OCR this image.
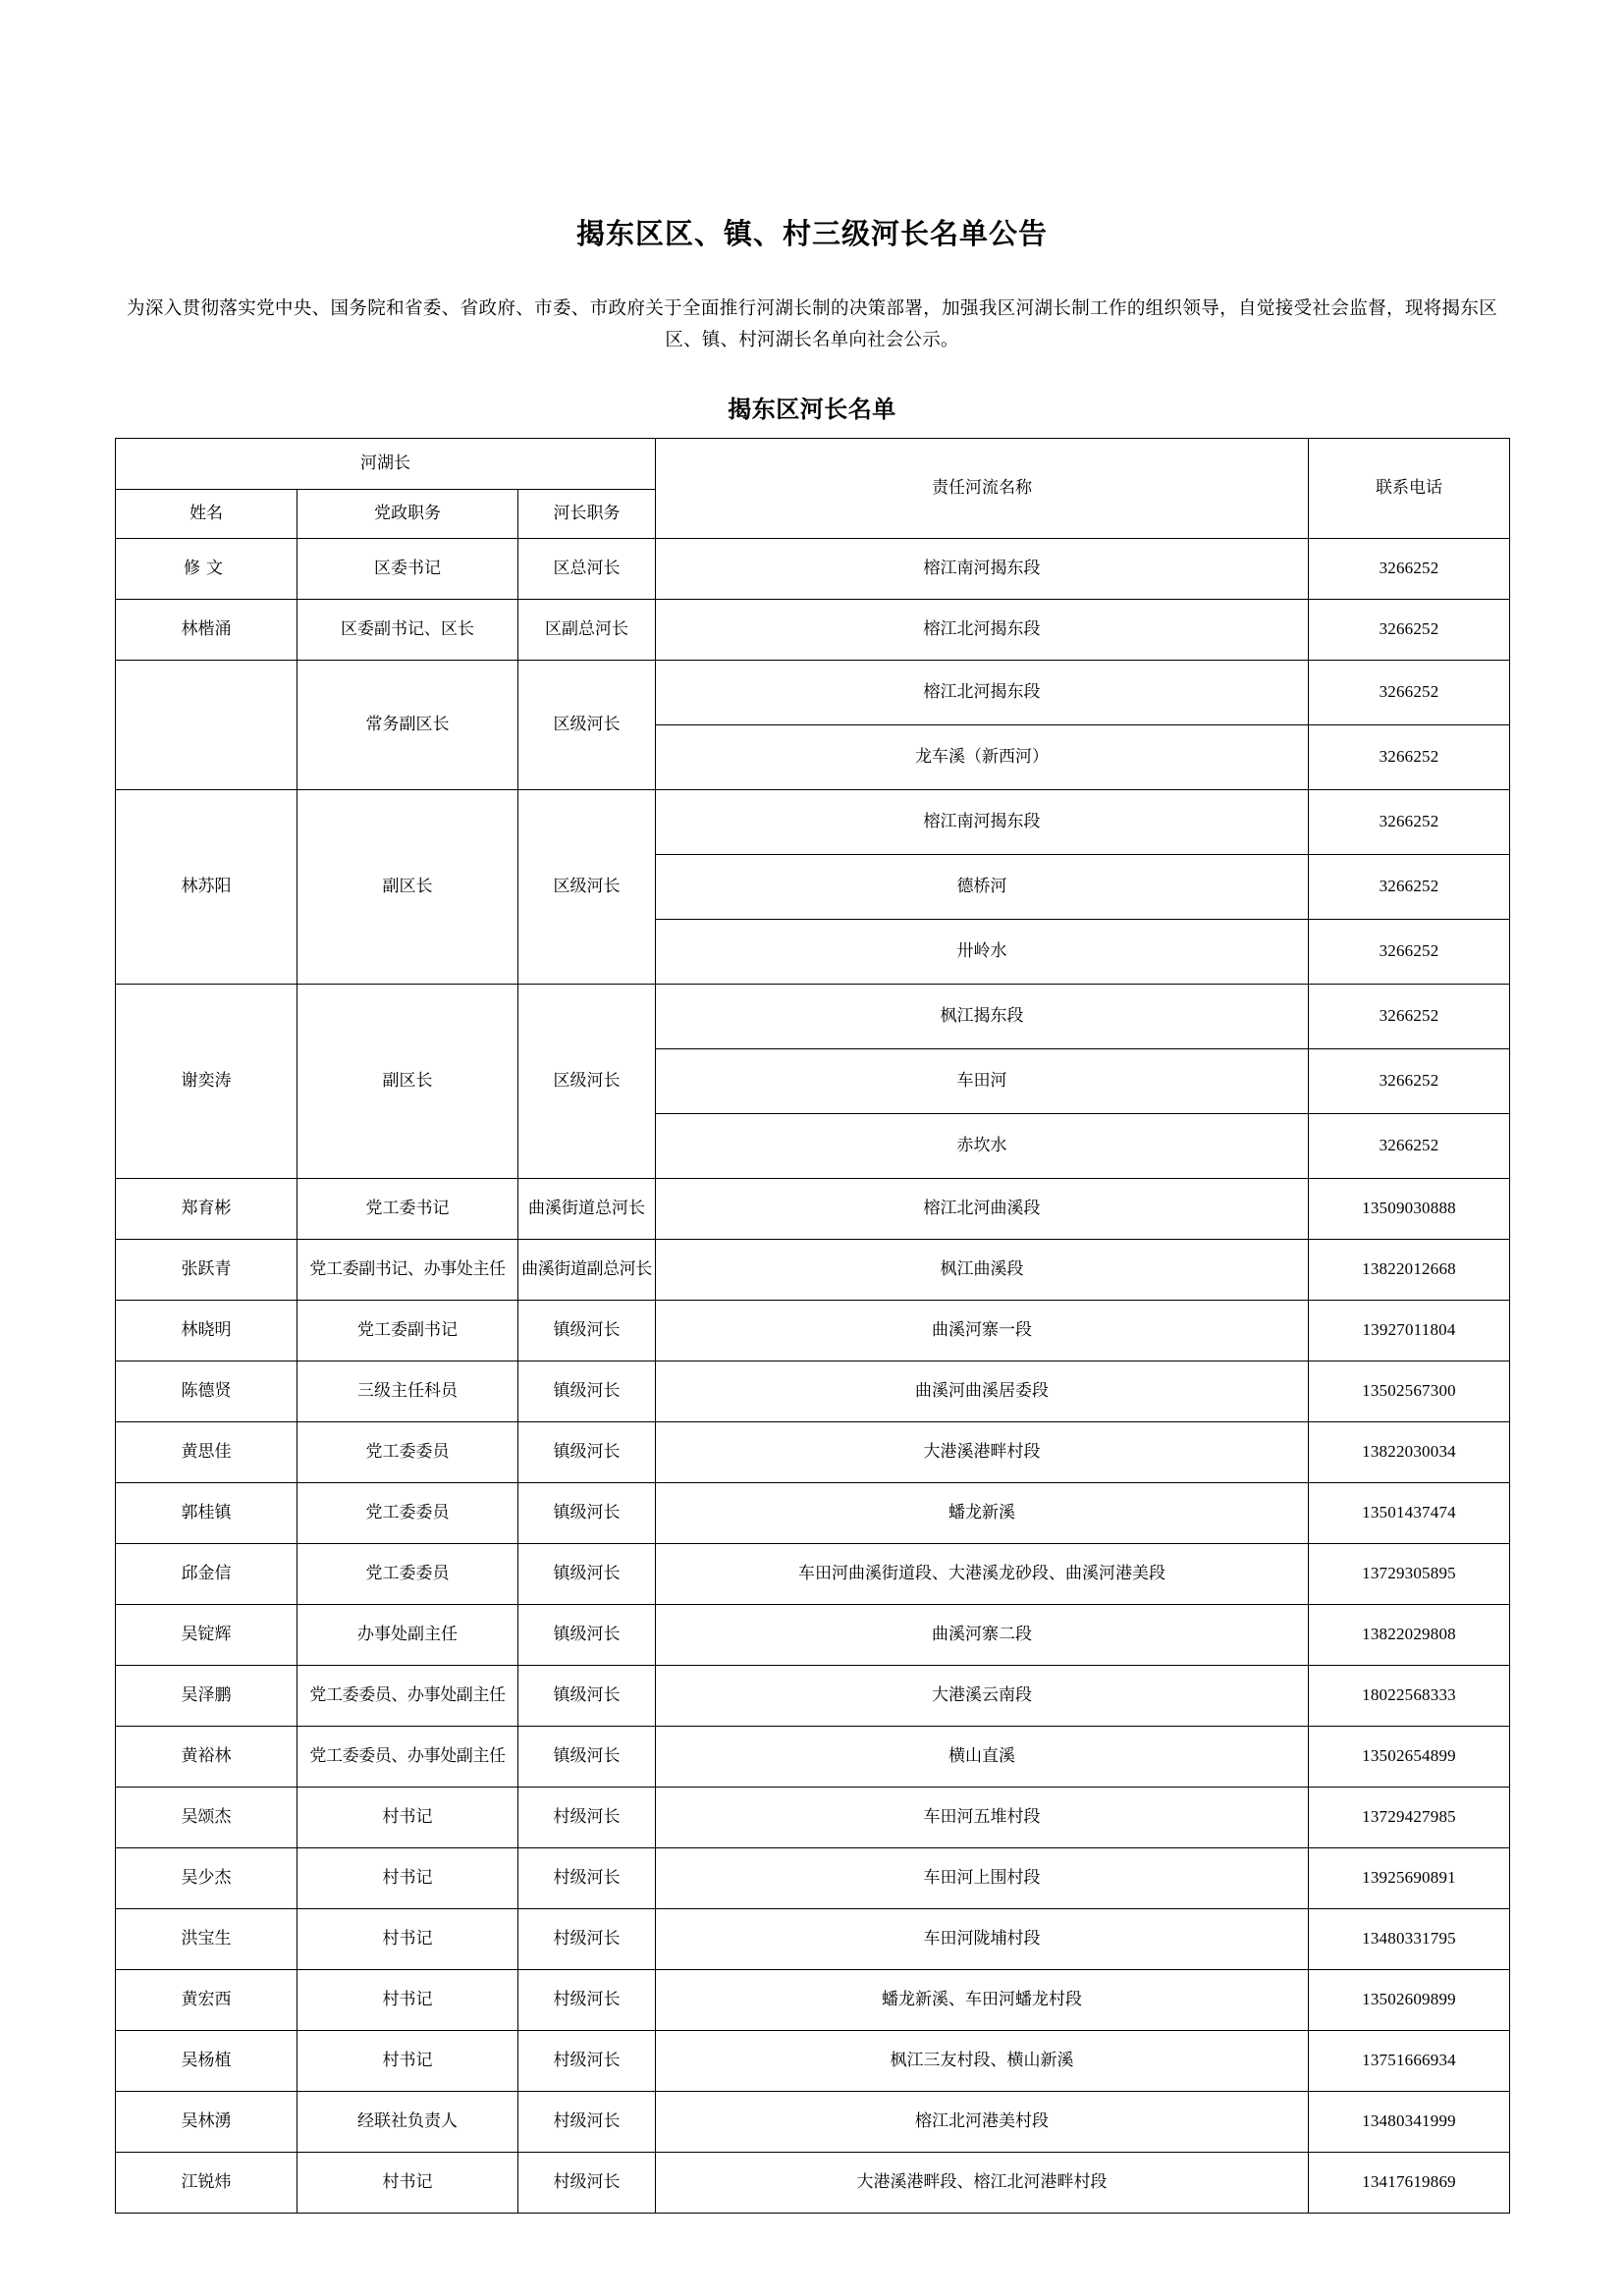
揭东区区、镇、村三级河长名单公告

为深入贯彻落实党中央、国务院和省委、省政府、市委、市政府关于全面推行河湖长制的决策部署，加强我区河湖长制工作的组织领导，自觉接受社会监督，现将揭东区区、镇、村河湖长名单向社会公示。

揭东区河长名单
河湖长			责任河流名称	联系电话
姓名	党政职务	河长职务		
修文	区委书记	区总河长	榕江南河揭东段	3266252
林楷涌	区委副书记、区长	区副总河长	榕江北河揭东段	3266252
	常务副区长	区级河长	榕江北河揭东段	3266252
			龙车溪（新西河）	3266252
林苏阳	副区长	区级河长	榕江南河揭东段	3266252
			德桥河	3266252
			卅岭水	3266252
谢奕涛	副区长	区级河长	枫江揭东段	3266252
			车田河	3266252
			赤坎水	3266252
郑育彬	党工委书记	曲溪街道总河长	榕江北河曲溪段	13509030888
张跃青	党工委副书记、办事处主任	曲溪街道副总河长	枫江曲溪段	13822012668
林晓明	党工委副书记	镇级河长	曲溪河寨一段	13927011804
陈德贤	三级主任科员	镇级河长	曲溪河曲溪居委段	13502567300
黄思佳	党工委委员	镇级河长	大港溪港畔村段	13822030034
郭桂镇	党工委委员	镇级河长	蟠龙新溪	13501437474
邱金信	党工委委员	镇级河长	车田河曲溪街道段、大港溪龙砂段、曲溪河港美段	13729305895
吴锭辉	办事处副主任	镇级河长	曲溪河寨二段	13822029808
吴泽鹏	党工委委员、办事处副主任	镇级河长	大港溪云南段	18022568333
黄裕林	党工委委员、办事处副主任	镇级河长	横山直溪	13502654899
吴颂杰	村书记	村级河长	车田河五堆村段	13729427985
吴少杰	村书记	村级河长	车田河上围村段	13925690891
洪宝生	村书记	村级河长	车田河陇埔村段	13480331795
黄宏西	村书记	村级河长	蟠龙新溪、车田河蟠龙村段	13502609899
吴杨植	村书记	村级河长	枫江三友村段、横山新溪	13751666934
吴林湧	经联社负责人	村级河长	榕江北河港美村段	13480341999
江锐炜	村书记	村级河长	大港溪港畔段、榕江北河港畔村段	13417619869
